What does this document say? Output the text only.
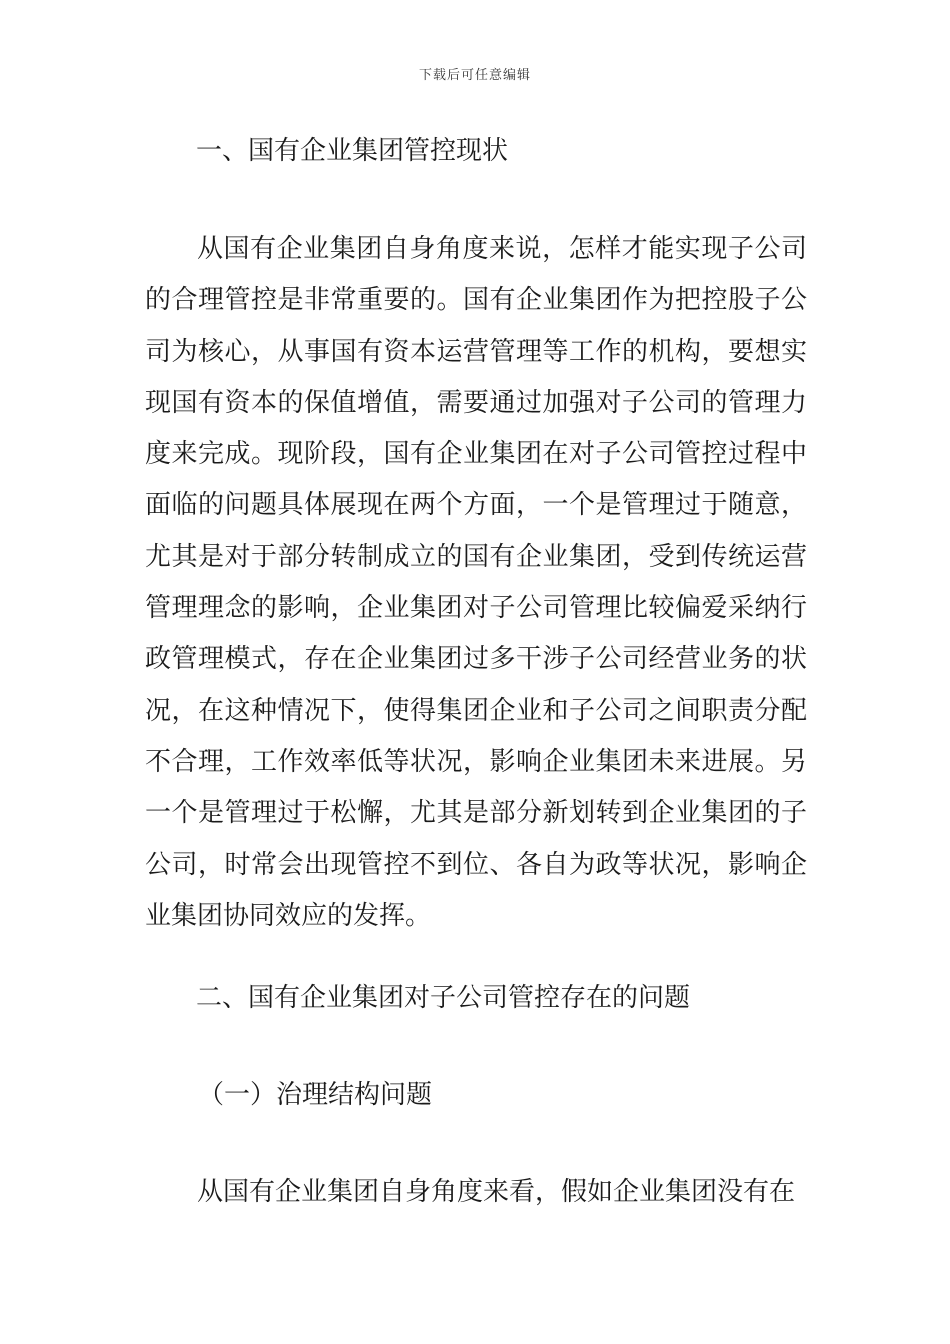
下载后可任意编辑
一、国有企业集团管控现状

从国有企业集团自身角度来说，怎样才能实现子公司的合理管控是非常重要的。国有企业集团作为把控股子公司为核心，从事国有资本运营管理等工作的机构，要想实现国有资本的保值增值，需要通过加强对子公司的管理力度来完成。现阶段，国有企业集团在对子公司管控过程中面临的问题具体展现在两个方面，一个是管理过于随意，尤其是对于部分转制成立的国有企业集团，受到传统运营管理理念的影响，企业集团对子公司管理比较偏爱采纳行政管理模式，存在企业集团过多干涉子公司经营业务的状况，在这种情况下，使得集团企业和子公司之间职责分配不合理，工作效率低等状况，影响企业集团未来进展。另一个是管理过于松懈，尤其是部分新划转到企业集团的子公司，时常会出现管控不到位、各自为政等状况，影响企业集团协同效应的发挥。

二、国有企业集团对子公司管控存在的问题
（一）治理结构问题

从国有企业集团自身角度来看，假如企业集团没有在
